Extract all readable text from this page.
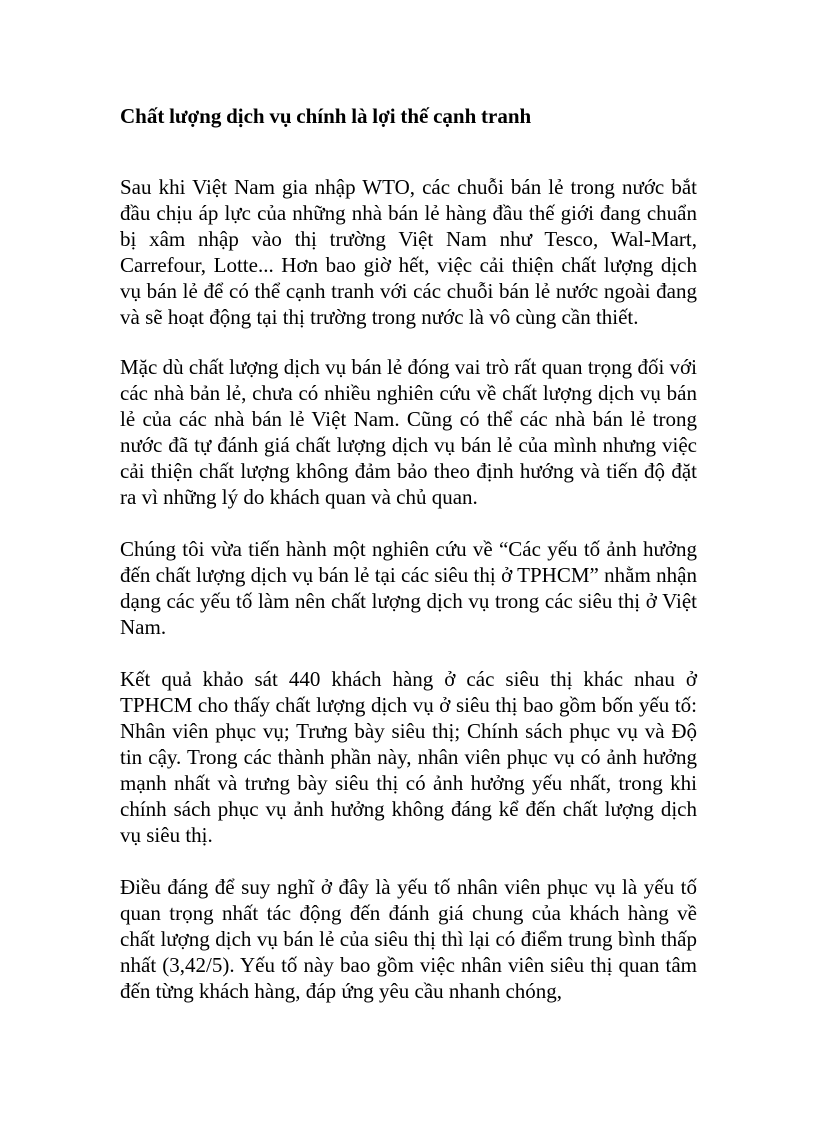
Chất lượng dịch vụ chính là lợi thế cạnh tranh

Sau khi Việt Nam gia nhập WTO, các chuỗi bán lẻ trong nước bắt đầu chịu áp lực của những nhà bán lẻ hàng đầu thế giới đang chuẩn bị xâm nhập vào thị trường Việt Nam như Tesco, Wal-Mart, Carrefour, Lotte... Hơn bao giờ hết, việc cải thiện chất lượng dịch vụ bán lẻ để có thể cạnh tranh với các chuỗi bán lẻ nước ngoài đang và sẽ hoạt động tại thị trường trong nước là vô cùng cần thiết.

Mặc dù chất lượng dịch vụ bán lẻ đóng vai trò rất quan trọng đối với các nhà bản lẻ, chưa có nhiều nghiên cứu về chất lượng dịch vụ bán lẻ của các nhà bán lẻ Việt Nam. Cũng có thể các nhà bán lẻ trong nước đã tự đánh giá chất lượng dịch vụ bán lẻ của mình nhưng việc cải thiện chất lượng không đảm bảo theo định hướng và tiến độ đặt ra vì những lý do khách quan và chủ quan.

Chúng tôi vừa tiến hành một nghiên cứu về “Các yếu tố ảnh hưởng đến chất lượng dịch vụ bán lẻ tại các siêu thị ở TPHCM” nhằm nhận dạng các yếu tố làm nên chất lượng dịch vụ trong các siêu thị ở Việt Nam.

Kết quả khảo sát 440 khách hàng ở các siêu thị khác nhau ở TPHCM cho thấy chất lượng dịch vụ ở siêu thị bao gồm bốn yếu tố: Nhân viên phục vụ; Trưng bày siêu thị; Chính sách phục vụ và Độ tin cậy. Trong các thành phần này, nhân viên phục vụ có ảnh hưởng mạnh nhất và trưng bày siêu thị có ảnh hưởng yếu nhất, trong khi chính sách phục vụ ảnh hưởng không đáng kể đến chất lượng dịch vụ siêu thị.

Điều đáng để suy nghĩ ở đây là yếu tố nhân viên phục vụ là yếu tố quan trọng nhất tác động đến đánh giá chung của khách hàng về chất lượng dịch vụ bán lẻ của siêu thị thì lại có điểm trung bình thấp nhất (3,42/5). Yếu tố này bao gồm việc nhân viên siêu thị quan tâm đến từng khách hàng, đáp ứng yêu cầu nhanh chóng,
